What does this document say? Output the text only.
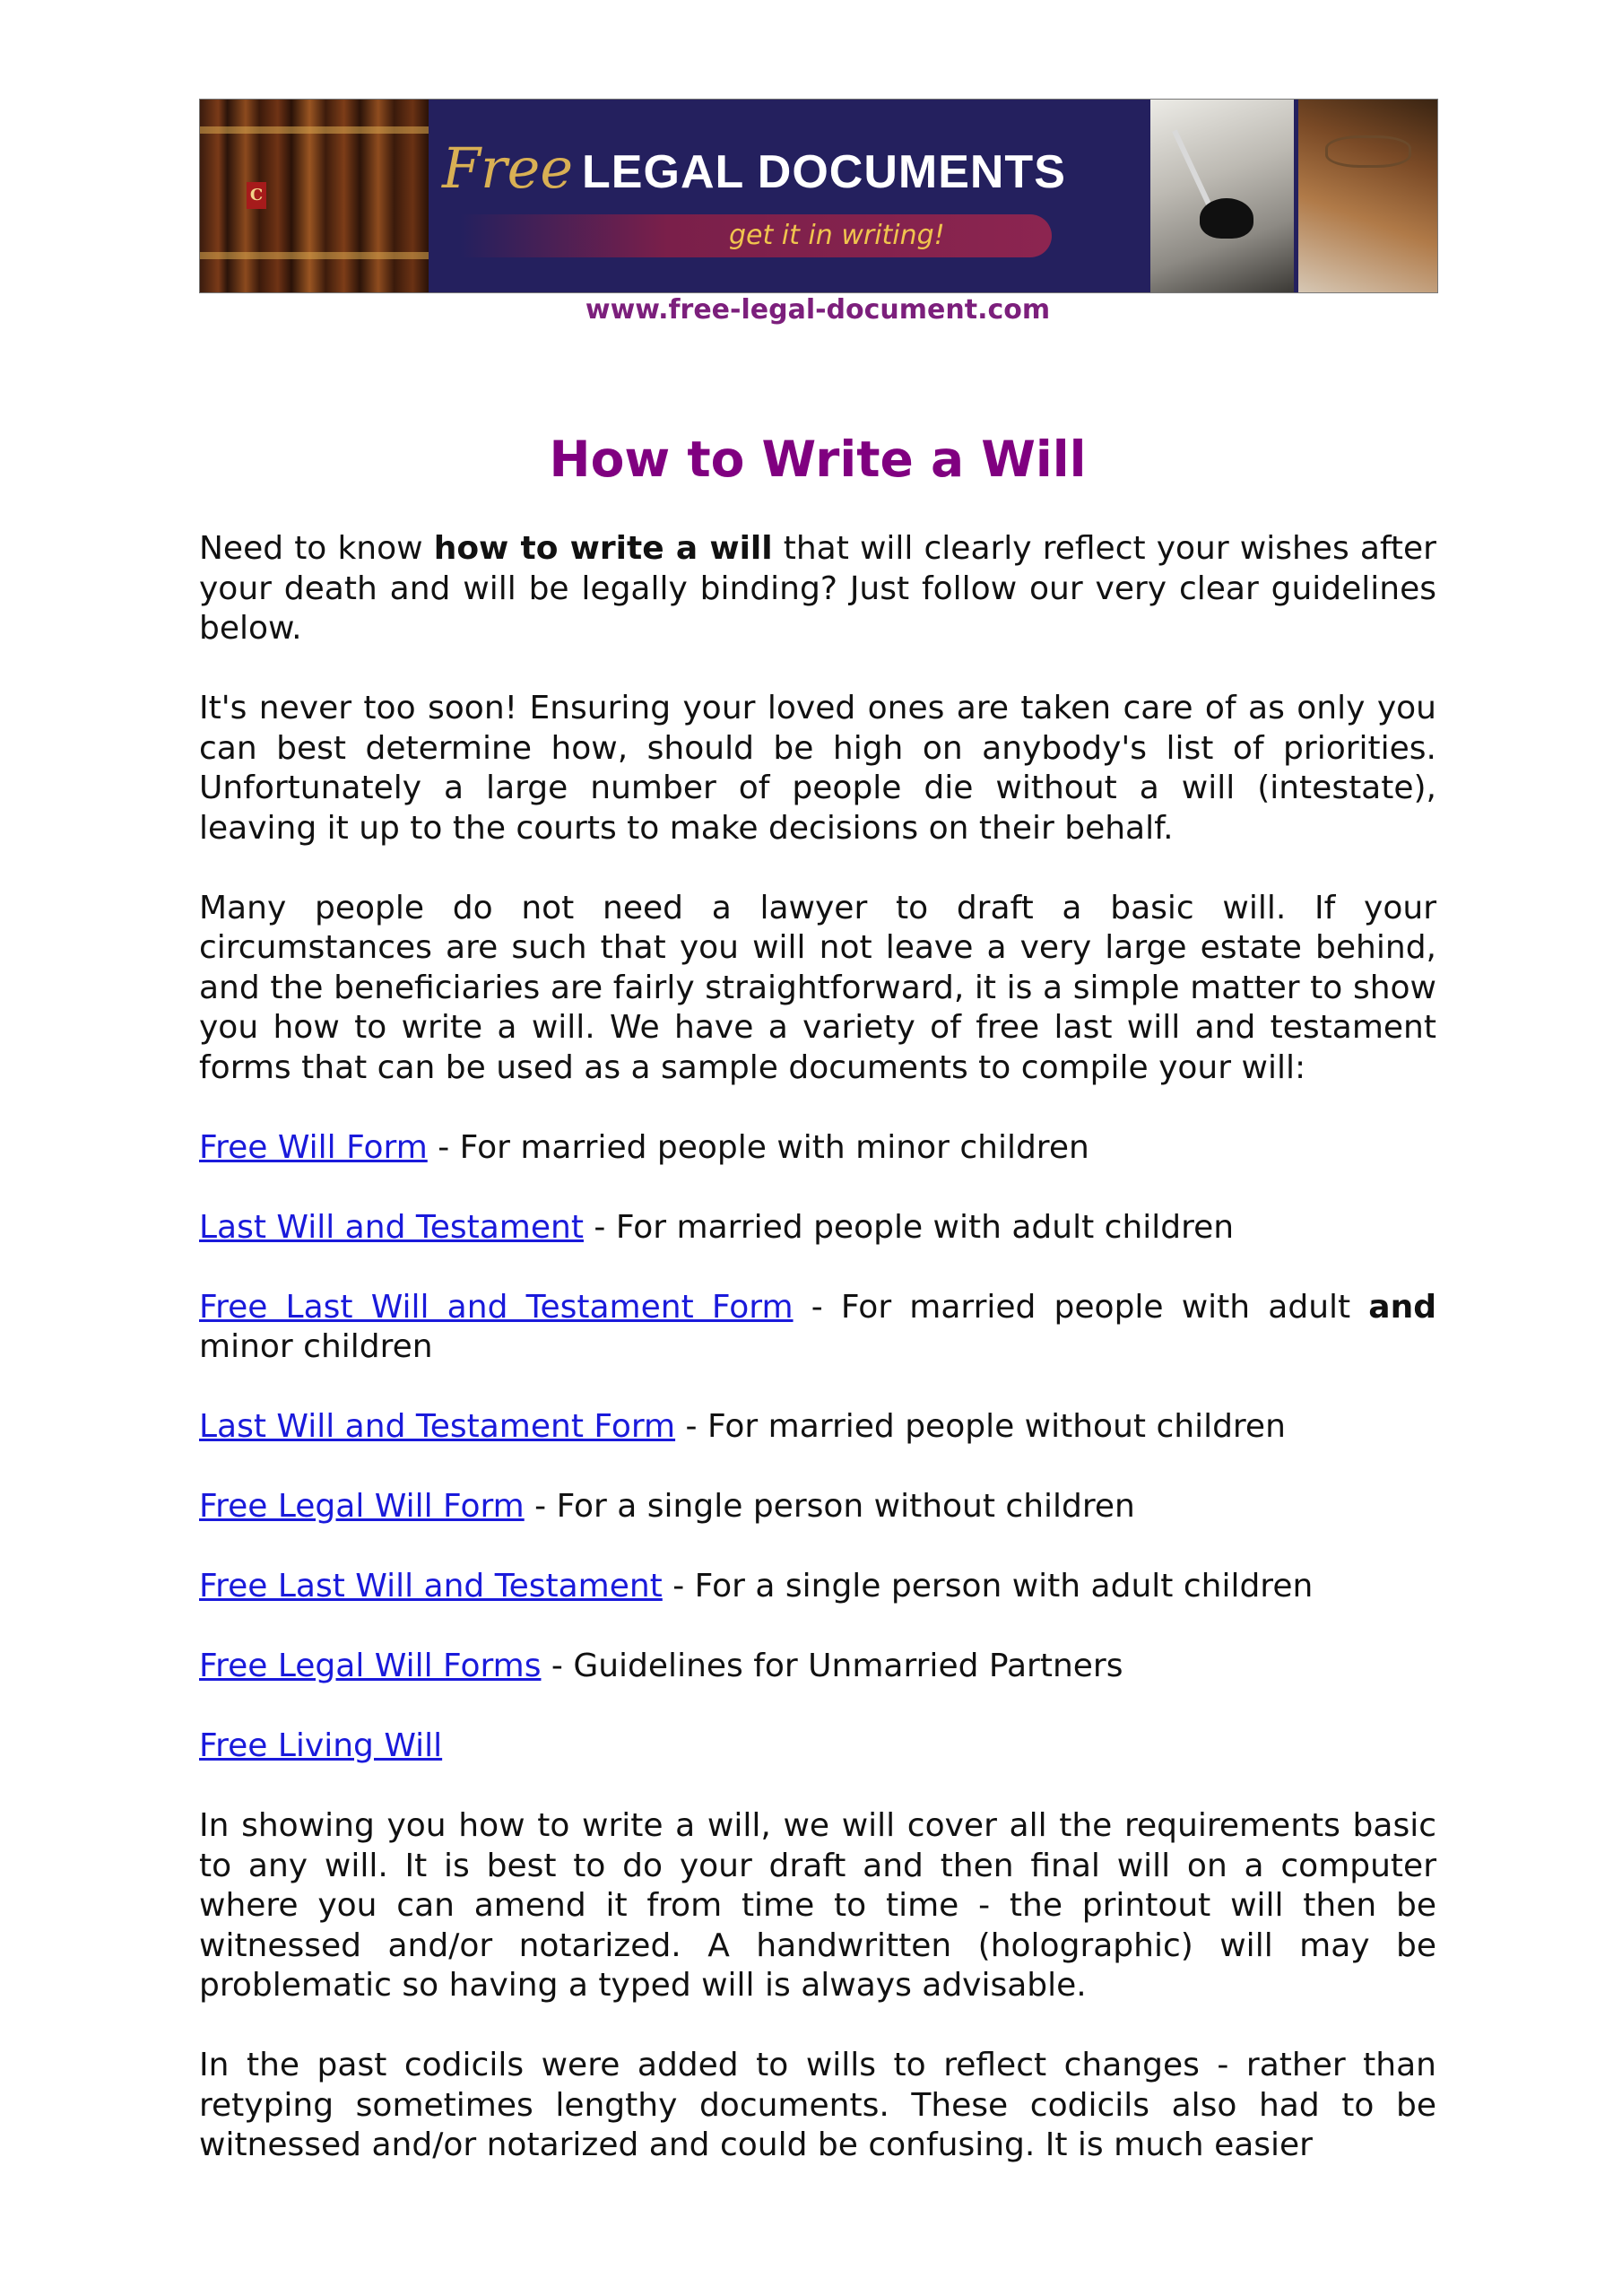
C	Free LEGAL DOCUMENTS
get it in writing!
www.free-legal-document.com
How to Write a Will

Need to know how to write a will that will clearly reflect your wishes after your death and will be legally binding? Just follow our very clear guidelines below.

It's never too soon! Ensuring your loved ones are taken care of as only you can best determine how, should be high on anybody's list of priorities. Unfortunately a large number of people die without a will (intestate), leaving it up to the courts to make decisions on their behalf.

Many people do not need a lawyer to draft a basic will. If your circumstances are such that you will not leave a very large estate behind, and the beneficiaries are fairly straightforward, it is a simple matter to show you how to write a will. We have a variety of free last will and testament forms that can be used as a sample documents to compile your will:

Free Will Form - For married people with minor children

Last Will and Testament - For married people with adult children

Free Last Will and Testament Form - For married people with adult and minor children

Last Will and Testament Form - For married people without children

Free Legal Will Form - For a single person without children

Free Last Will and Testament - For a single person with adult children

Free Legal Will Forms - Guidelines for Unmarried Partners

Free Living Will

In showing you how to write a will, we will cover all the requirements basic to any will. It is best to do your draft and then final will on a computer where you can amend it from time to time - the printout will then be witnessed and/or notarized. A handwritten (holographic) will may be problematic so having a typed will is always advisable.

In the past codicils were added to wills to reflect changes - rather than retyping sometimes lengthy documents. These codicils also had to be witnessed and/or notarized and could be confusing. It is much easier
